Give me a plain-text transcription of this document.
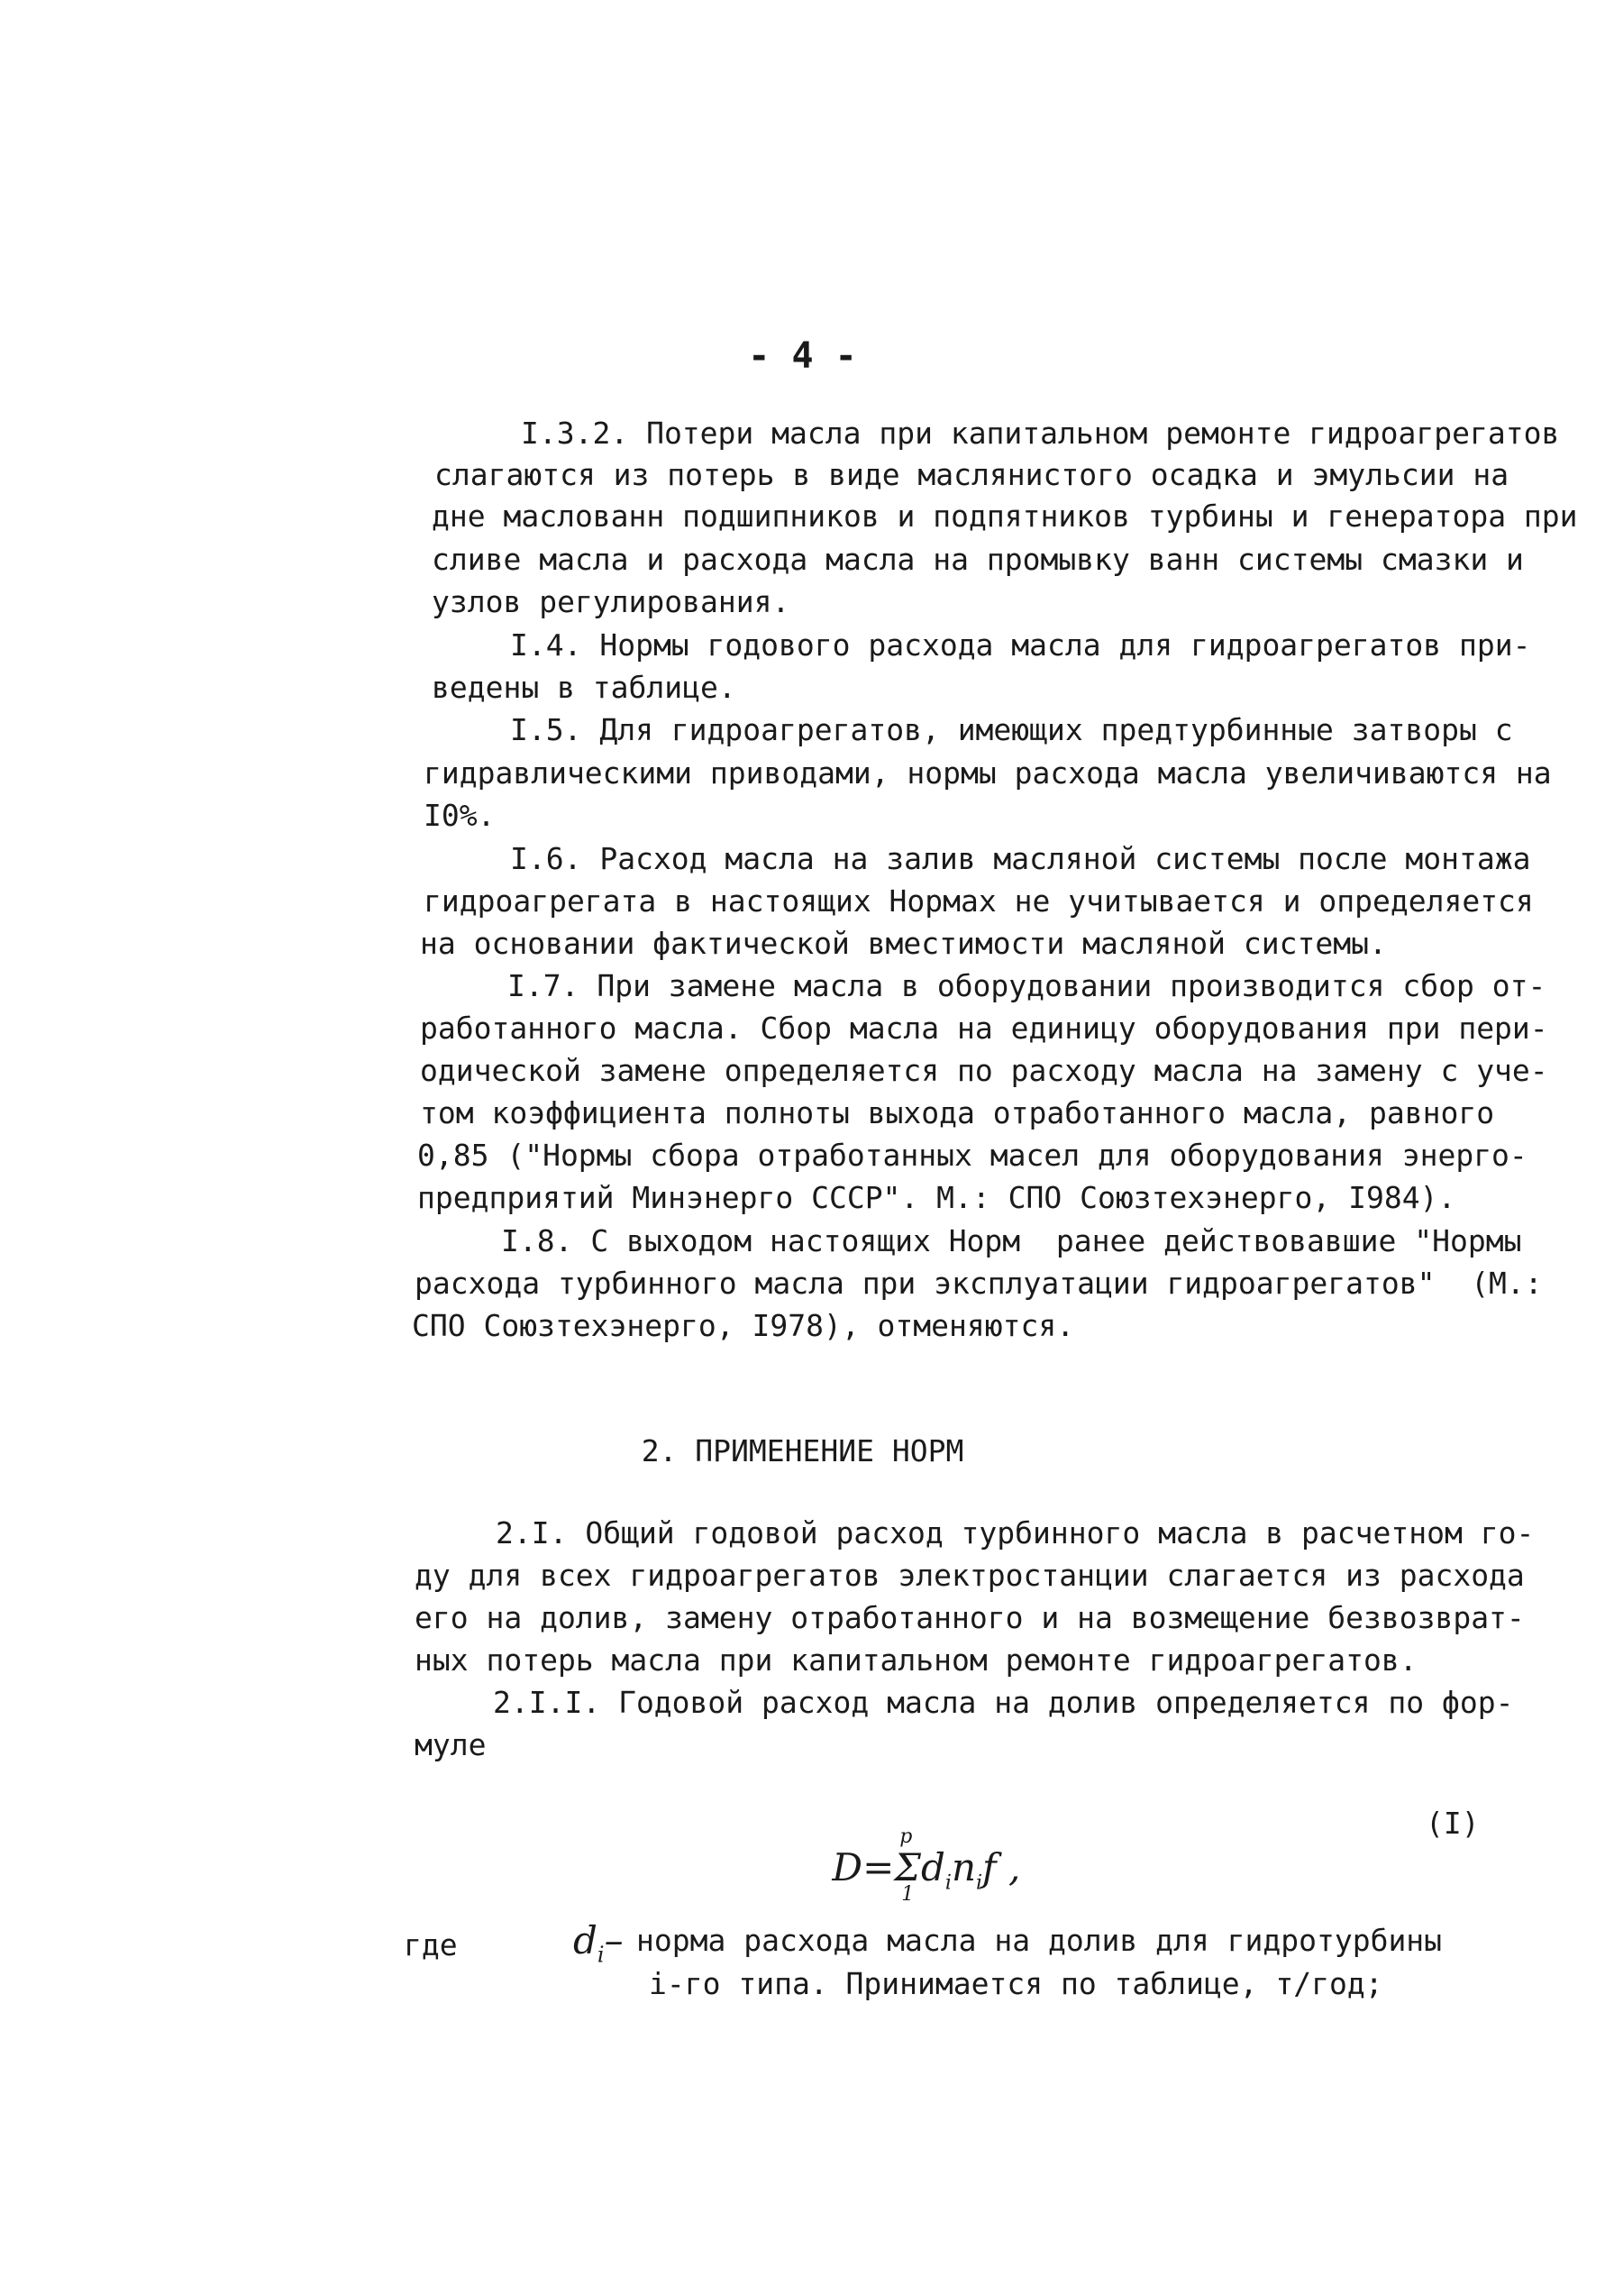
- 4 -
I.3.2. Потери масла при капитальном ремонте гидроагрегатов
слагаются из потерь в виде маслянистого осадка и эмульсии на
дне маслованн подшипников и подпятников турбины и генератора при
сливе масла и расхода масла на промывку ванн системы смазки и
узлов регулирования.
I.4. Нормы годового расхода масла для гидроагрегатов при-
ведены в таблице.
I.5. Для гидроагрегатов, имеющих предтурбинные затворы с
гидравлическими приводами, нормы расхода масла увеличиваются на
I0%.
I.6. Расход масла на залив масляной системы после монтажа
гидроагрегата в настоящих Нормах не учитывается и определяется
на основании фактической вместимости масляной системы.
I.7. При замене масла в оборудовании производится сбор от-
работанного масла. Сбор масла на единицу оборудования при пери-
одической замене определяется по расходу масла на замену с уче-
том коэффициента полноты выхода отработанного масла, равного
0,85 ("Нормы сбора отработанных масел для оборудования энерго-
предприятий Минэнерго СССР". М.: СПО Союзтехэнерго, I984).
I.8. С выходом настоящих Норм  ранее действовавшие "Нормы
расхода турбинного масла при эксплуатации гидроагрегатов"  (М.:
СПО Союзтехэнерго, I978), отменяются.
2. ПРИМЕНЕНИЕ НОРМ
2.I. Общий годовой расход турбинного масла в расчетном го-
ду для всех гидроагрегатов электростанции слагается из расхода
его на долив, замену отработанного и на возмещение безвозврат-
ных потерь масла при капитальном ремонте гидроагрегатов.
2.I.I. Годовой расход масла на долив определяется по фор-
муле

D=Σ
p
1
$d_in_if$ ,

(I)
где	$d_i-$ норма расхода масла на долив для гидротурбины
i-го типа. Принимается по таблице, т/год;
